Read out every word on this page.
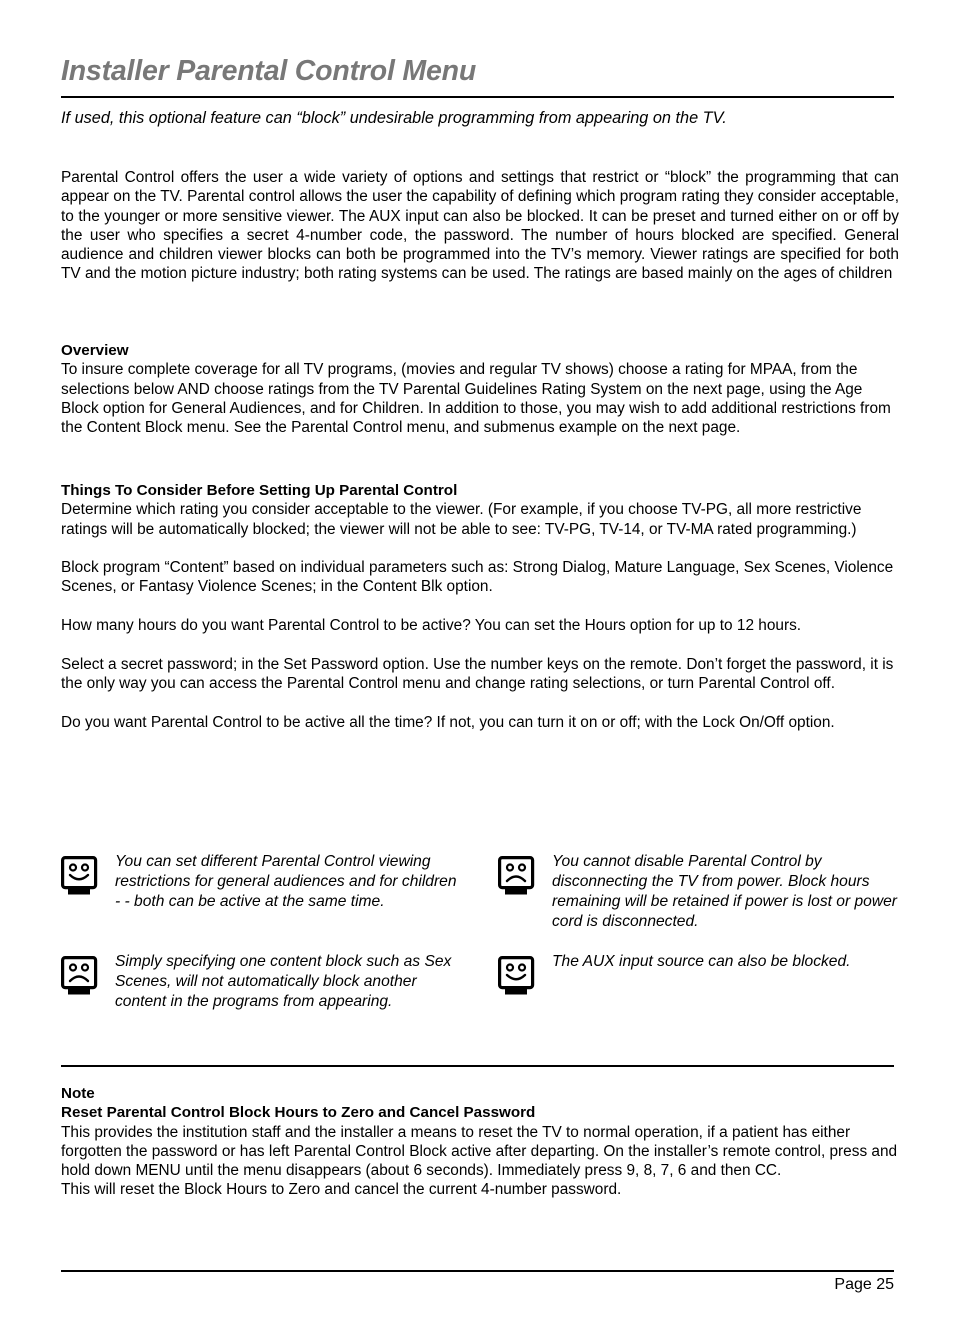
Installer Parental Control Menu
If used, this optional feature can “block” undesirable programming from appearing on the TV.

Parental Control offers the user a wide variety of options and settings that restrict or “block” the programming that can appear on the TV. Parental control allows the user the capability of defining which program rating they consider acceptable, to the younger or more sensitive viewer. The AUX input can also be blocked. It can be preset and turned either on or off by the user who specifies a secret 4-number code, the password. The number of hours blocked are specified. General audience and children viewer blocks can both be programmed into the TV’s memory. Viewer ratings are specified for both TV and the motion picture industry; both rating systems can be used. The ratings are based mainly on the ages of children

Overview

To insure complete coverage for all TV programs, (movies and regular TV shows) choose a rating for MPAA, from the selections below AND choose ratings from the TV Parental Guidelines Rating System on the next page, using the Age Block option for General Audiences, and for Children. In addition to those, you may wish to add additional restrictions from the Content Block menu. See the Parental Control menu, and submenus example on the next page.

Things To Consider Before Setting Up Parental Control

Determine which rating you consider acceptable to the viewer. (For example, if you choose TV-PG, all more restrictive ratings will be automatically blocked; the viewer will not be able to see: TV-PG, TV-14, or TV-MA rated programming.)

Block program “Content” based on individual parameters such as: Strong Dialog, Mature Language, Sex Scenes, Violence Scenes, or Fantasy Violence Scenes; in the Content Blk option.

How many hours do you want Parental Control to be active? You can set the Hours option for up to 12 hours.

Select a secret password; in the Set Password option. Use the number keys on the remote. Don’t forget the password, it is the only way you can access the Parental Control menu and change rating selections, or turn Parental Control off.

Do you want Parental Control to be active all the time? If not, you can turn it on or off; with the Lock On/Off option.

You can set different Parental Control viewing restrictions for general audiences and for children - - both can be active at the same time.
You cannot disable Parental Control by disconnecting the TV from power. Block hours remaining will be retained if power is lost or power cord is disconnected.
Simply specifying one content block such as Sex Scenes, will not automatically block another content in the programs from appearing.
The AUX input source can also be blocked.
Note
Reset Parental Control Block Hours to Zero and Cancel Password

This provides the institution staff and the installer a means to reset the TV to normal operation, if a patient has either forgotten the password or has left Parental Control Block active after departing. On the installer’s remote control, press and hold down MENU until the menu disappears (about 6 seconds). Immediately press 9, 8, 7, 6 and then CC.

This will reset the Block Hours to Zero and cancel the current 4-number password.

Page 25
